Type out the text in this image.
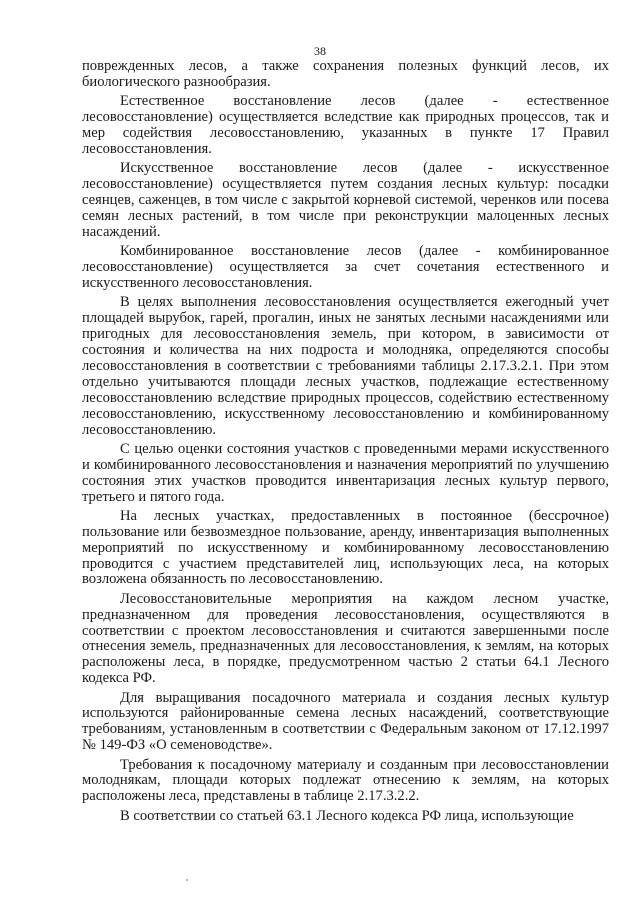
38

поврежденных лесов, а также сохранения полезных функций лесов, их биологического разнообразия.

Естественное восстановление лесов (далее - естественное лесовосстановление) осуществляется вследствие как природных процессов, так и мер содействия лесовосстановлению, указанных в пункте 17 Правил лесовосстановления.

Искусственное восстановление лесов (далее - искусственное лесовосстановление) осуществляется путем создания лесных культур: посадки сеянцев, саженцев, в том числе с закрытой корневой системой, черенков или посева семян лесных растений, в том числе при реконструкции малоценных лесных насаждений.

Комбинированное восстановление лесов (далее - комбинированное лесовосстановление) осуществляется за счет сочетания естественного и искусственного лесовосстановления.

В целях выполнения лесовосстановления осуществляется ежегодный учет площадей вырубок, гарей, прогалин, иных не занятых лесными насаждениями или пригодных для лесовосстановления земель, при котором, в зависимости от состояния и количества на них подроста и молодняка, определяются способы лесовосстановления в соответствии с требованиями таблицы 2.17.3.2.1. При этом отдельно учитываются площади лесных участков, подлежащие естественному лесовосстановлению вследствие природных процессов, содействию естественному лесовосстановлению, искусственному лесовосстановлению и комбинированному лесовосстановлению.

С целью оценки состояния участков с проведенными мерами искусственного и комбинированного лесовосстановления и назначения мероприятий по улучшению состояния этих участков проводится инвентаризация лесных культур первого, третьего и пятого года.

На лесных участках, предоставленных в постоянное (бессрочное) пользование или безвозмездное пользование, аренду, инвентаризация выполненных мероприятий по искусственному и комбинированному лесовосстановлению проводится с участием представителей лиц, использующих леса, на которых возложена обязанность по лесовосстановлению.

Лесовосстановительные мероприятия на каждом лесном участке, предназначенном для проведения лесовосстановления, осуществляются в соответствии с проектом лесовосстановления и считаются завершенными после отнесения земель, предназначенных для лесовосстановления, к землям, на которых расположены леса, в порядке, предусмотренном частью 2 статьи 64.1 Лесного кодекса РФ.

Для выращивания посадочного материала и создания лесных культур используются районированные семена лесных насаждений, соответствующие требованиям, установленным в соответствии с Федеральным законом от 17.12.1997 № 149-ФЗ «О семеноводстве».

Требования к посадочному материалу и созданным при лесовосстановлении молоднякам, площади которых подлежат отнесению к землям, на которых расположены леса, представлены в таблице 2.17.3.2.2.

В соответствии со статьей 63.1 Лесного кодекса РФ лица, использующие
